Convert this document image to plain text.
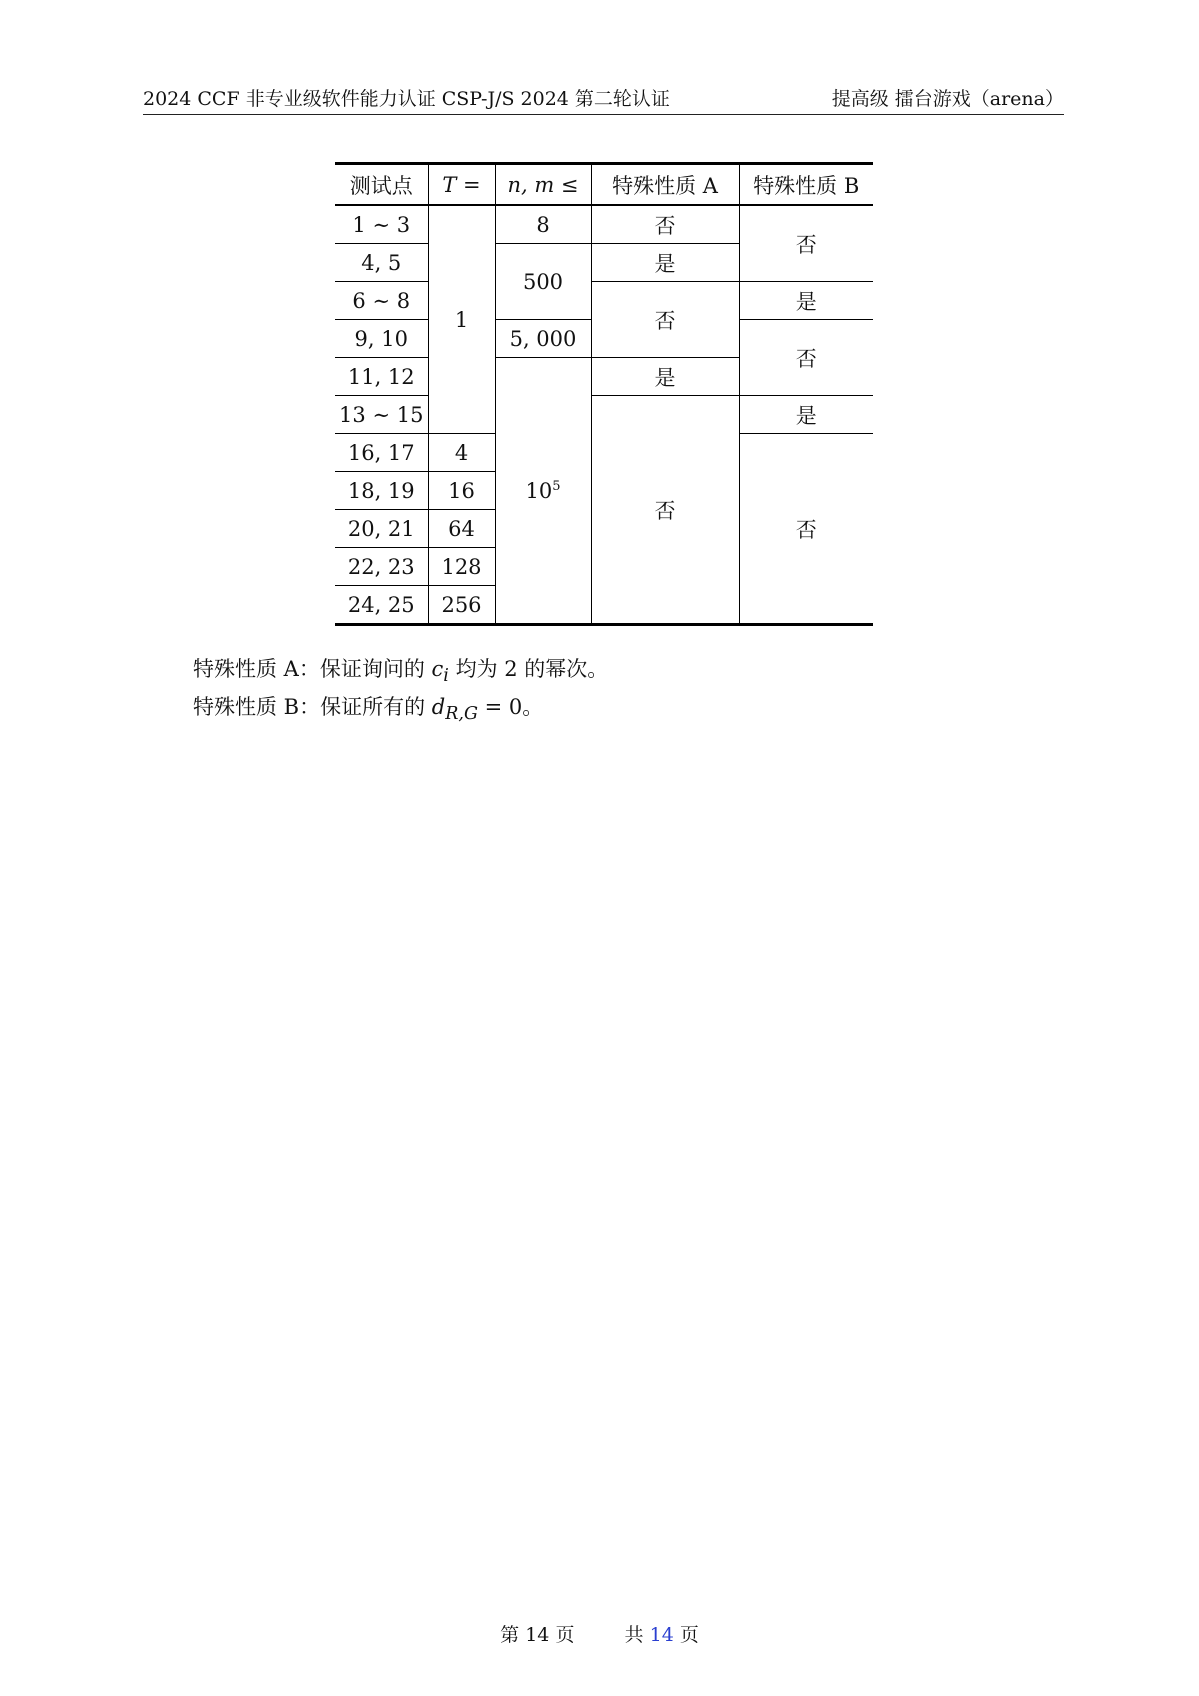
2024 CCF 非专业级软件能力认证 CSP-J/S 2024 第二轮认证	提高级 擂台游戏（arena）
测试点	T =	n, m ≤	特殊性质 A	特殊性质 B
1 ∼ 3	1	8	否	否
4, 5		500	是	
6 ∼ 8			否	是
9, 10		5, 000		否
11, 12		$10^5$	是	
13 ∼ 15			否	是
16, 17	4			否
18, 19	16			
20, 21	64			
22, 23	128			
24, 25	256			

特殊性质 A：保证询问的 $c_i$ 均为 2 的幂次。

特殊性质 B：保证所有的 $d_{R,G} = 0$。

第 14 页	共 14 页
